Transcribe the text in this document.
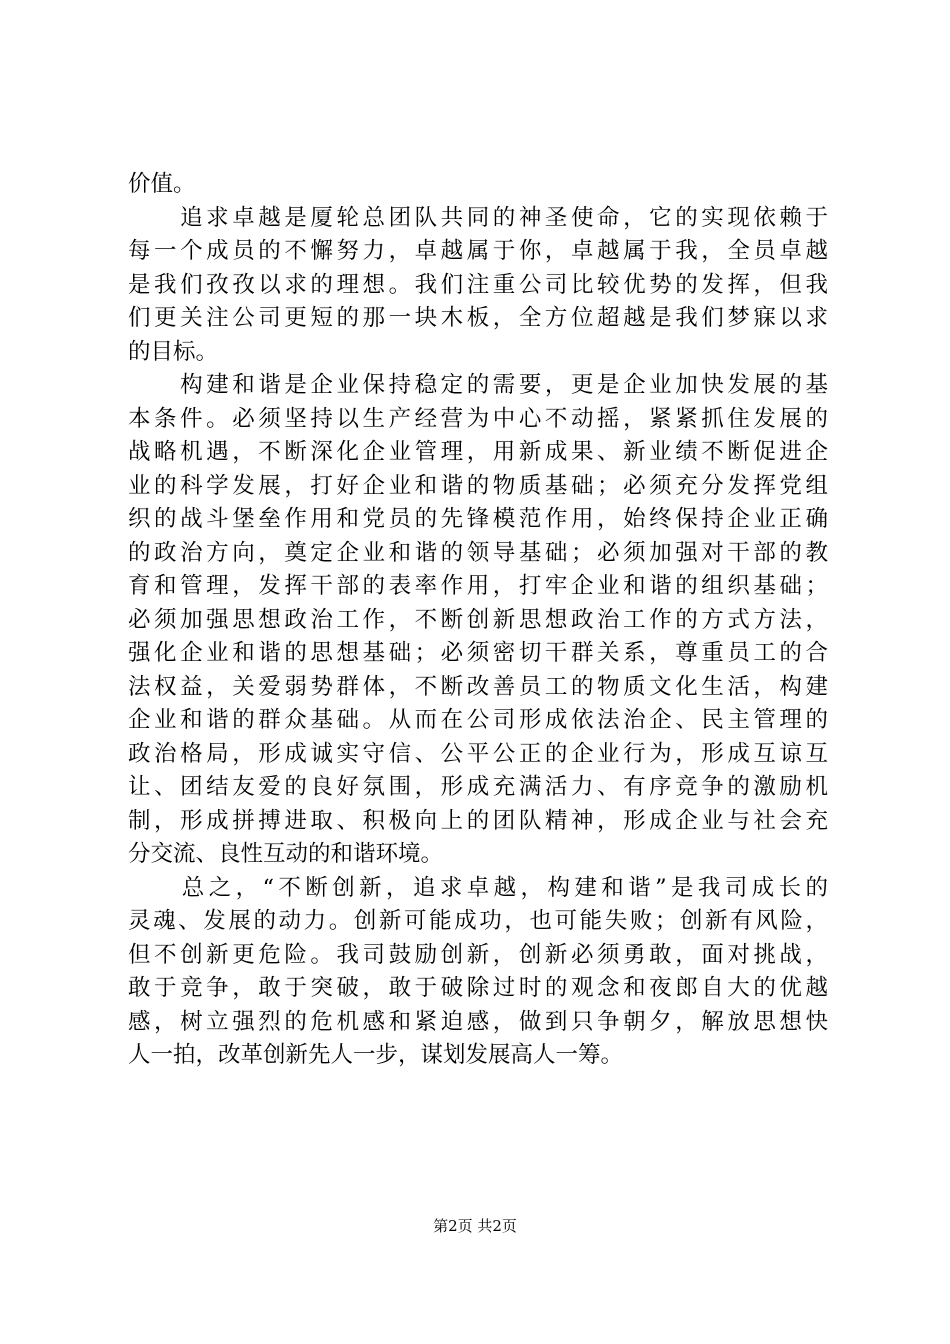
价值。
　　追求卓越是厦轮总团队共同的神圣使命，它的实现依赖于
每一个成员的不懈努力，卓越属于你，卓越属于我，全员卓越
是我们孜孜以求的理想。我们注重公司比较优势的发挥，但我
们更关注公司更短的那一块木板，全方位超越是我们梦寐以求
的目标。
　　构建和谐是企业保持稳定的需要，更是企业加快发展的基
本条件。必须坚持以生产经营为中心不动摇，紧紧抓住发展的
战略机遇，不断深化企业管理，用新成果、新业绩不断促进企
业的科学发展，打好企业和谐的物质基础；必须充分发挥党组
织的战斗堡垒作用和党员的先锋模范作用，始终保持企业正确
的政治方向，奠定企业和谐的领导基础；必须加强对干部的教
育和管理，发挥干部的表率作用，打牢企业和谐的组织基础；
必须加强思想政治工作，不断创新思想政治工作的方式方法，
强化企业和谐的思想基础；必须密切干群关系，尊重员工的合
法权益，关爱弱势群体，不断改善员工的物质文化生活，构建
企业和谐的群众基础。从而在公司形成依法治企、民主管理的
政治格局，形成诚实守信、公平公正的企业行为，形成互谅互
让、团结友爱的良好氛围，形成充满活力、有序竞争的激励机
制，形成拼搏进取、积极向上的团队精神，形成企业与社会充
分交流、良性互动的和谐环境。
　　总之，“不断创新，追求卓越，构建和谐”是我司成长的
灵魂、发展的动力。创新可能成功，也可能失败；创新有风险，
但不创新更危险。我司鼓励创新，创新必须勇敢，面对挑战，
敢于竞争，敢于突破，敢于破除过时的观念和夜郎自大的优越
感，树立强烈的危机感和紧迫感，做到只争朝夕，解放思想快
人一拍，改革创新先人一步，谋划发展高人一筹。
第2页 共2页
